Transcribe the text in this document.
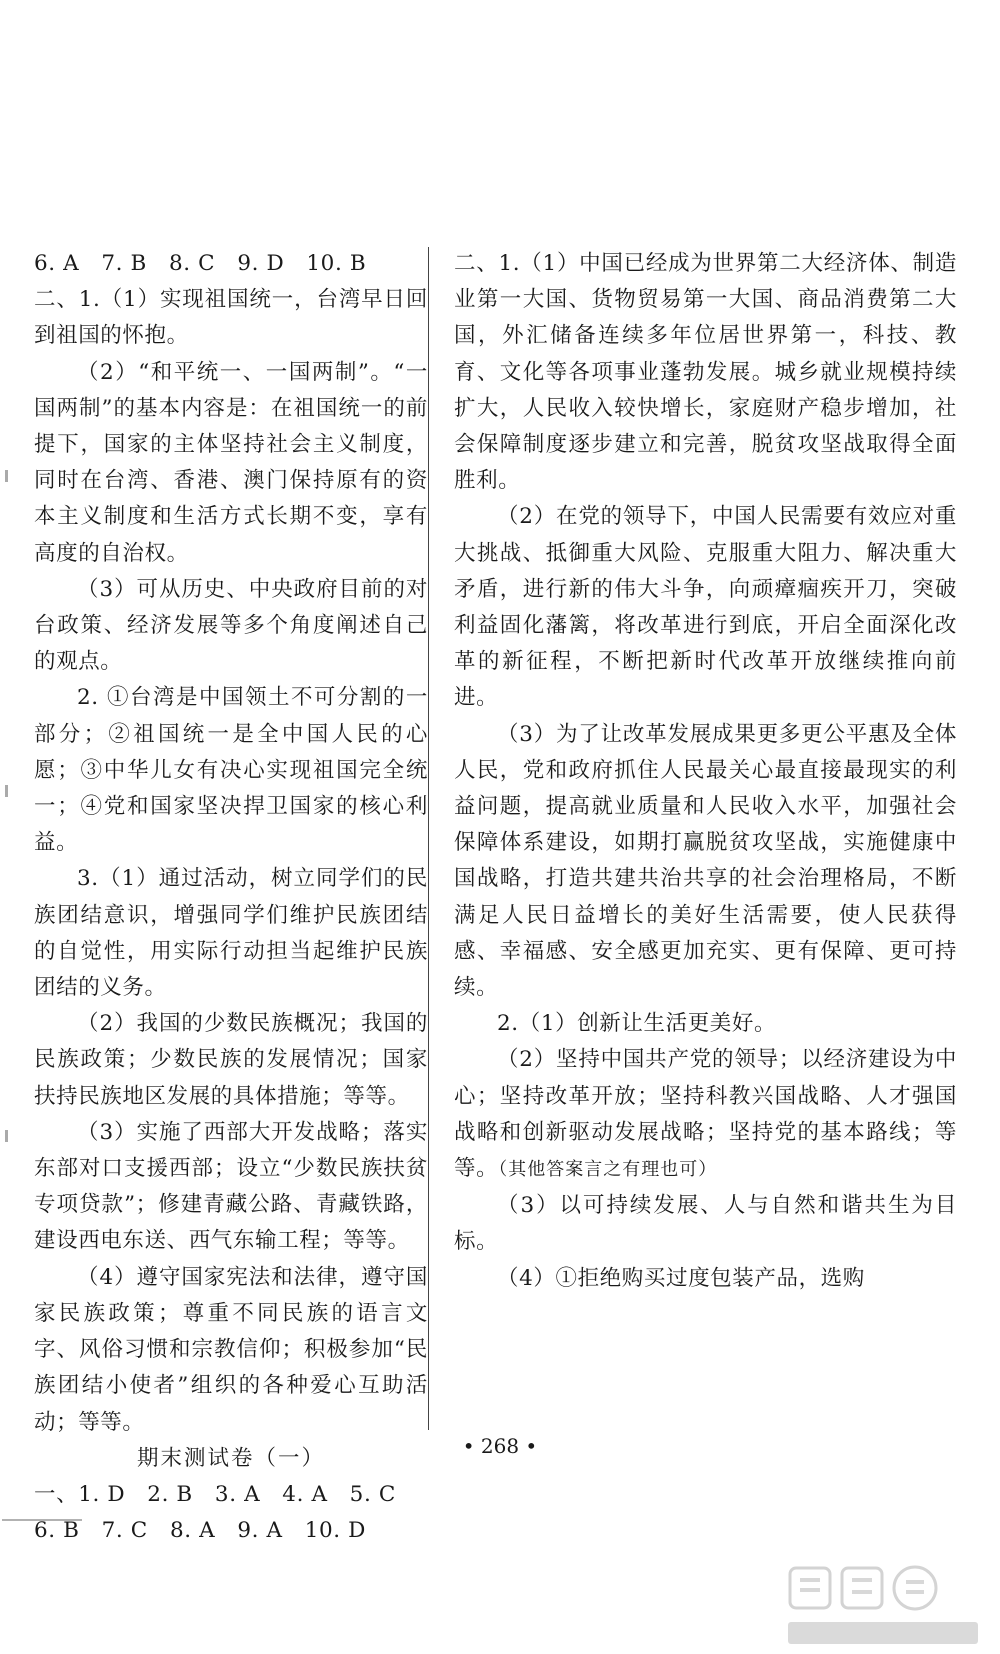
6. A　7. B　8. C　9. D　10. B

二、1.（1）实现祖国统一，台湾早日回到祖国的怀抱。

（2）“和平统一、一国两制”。“一国两制”的基本内容是：在祖国统一的前提下，国家的主体坚持社会主义制度，同时在台湾、香港、澳门保持原有的资本主义制度和生活方式长期不变，享有高度的自治权。

（3）可从历史、中央政府目前的对台政策、经济发展等多个角度阐述自己的观点。

2. ①台湾是中国领土不可分割的一部分；②祖国统一是全中国人民的心愿；③中华儿女有决心实现祖国完全统一；④党和国家坚决捍卫国家的核心利益。

3.（1）通过活动，树立同学们的民族团结意识，增强同学们维护民族团结的自觉性，用实际行动担当起维护民族团结的义务。

（2）我国的少数民族概况；我国的民族政策；少数民族的发展情况；国家扶持民族地区发展的具体措施；等等。

（3）实施了西部大开发战略；落实东部对口支援西部；设立“少数民族扶贫专项贷款”；修建青藏公路、青藏铁路，建设西电东送、西气东输工程；等等。

（4）遵守国家宪法和法律，遵守国家民族政策；尊重不同民族的语言文字、风俗习惯和宗教信仰；积极参加“民族团结小使者”组织的各种爱心互助活动；等等。

期末测试卷（一）

一、1. D　2. B　3. A　4. A　5. C

6. B　7. C　8. A　9. A　10. D

二、1.（1）中国已经成为世界第二大经济体、制造业第一大国、货物贸易第一大国、商品消费第二大国，外汇储备连续多年位居世界第一，科技、教育、文化等各项事业蓬勃发展。城乡就业规模持续扩大，人民收入较快增长，家庭财产稳步增加，社会保障制度逐步建立和完善，脱贫攻坚战取得全面胜利。

（2）在党的领导下，中国人民需要有效应对重大挑战、抵御重大风险、克服重大阻力、解决重大矛盾，进行新的伟大斗争，向顽瘴痼疾开刀，突破利益固化藩篱，将改革进行到底，开启全面深化改革的新征程，不断把新时代改革开放继续推向前进。

（3）为了让改革发展成果更多更公平惠及全体人民，党和政府抓住人民最关心最直接最现实的利益问题，提高就业质量和人民收入水平，加强社会保障体系建设，如期打赢脱贫攻坚战，实施健康中国战略，打造共建共治共享的社会治理格局，不断满足人民日益增长的美好生活需要，使人民获得感、幸福感、安全感更加充实、更有保障、更可持续。

2.（1）创新让生活更美好。

（2）坚持中国共产党的领导；以经济建设为中心；坚持改革开放；坚持科教兴国战略、人才强国战略和创新驱动发展战略；坚持党的基本路线；等等。（其他答案言之有理也可）

（3）以可持续发展、人与自然和谐共生为目标。

（4）①拒绝购买过度包装产品，选购

• 268 •
